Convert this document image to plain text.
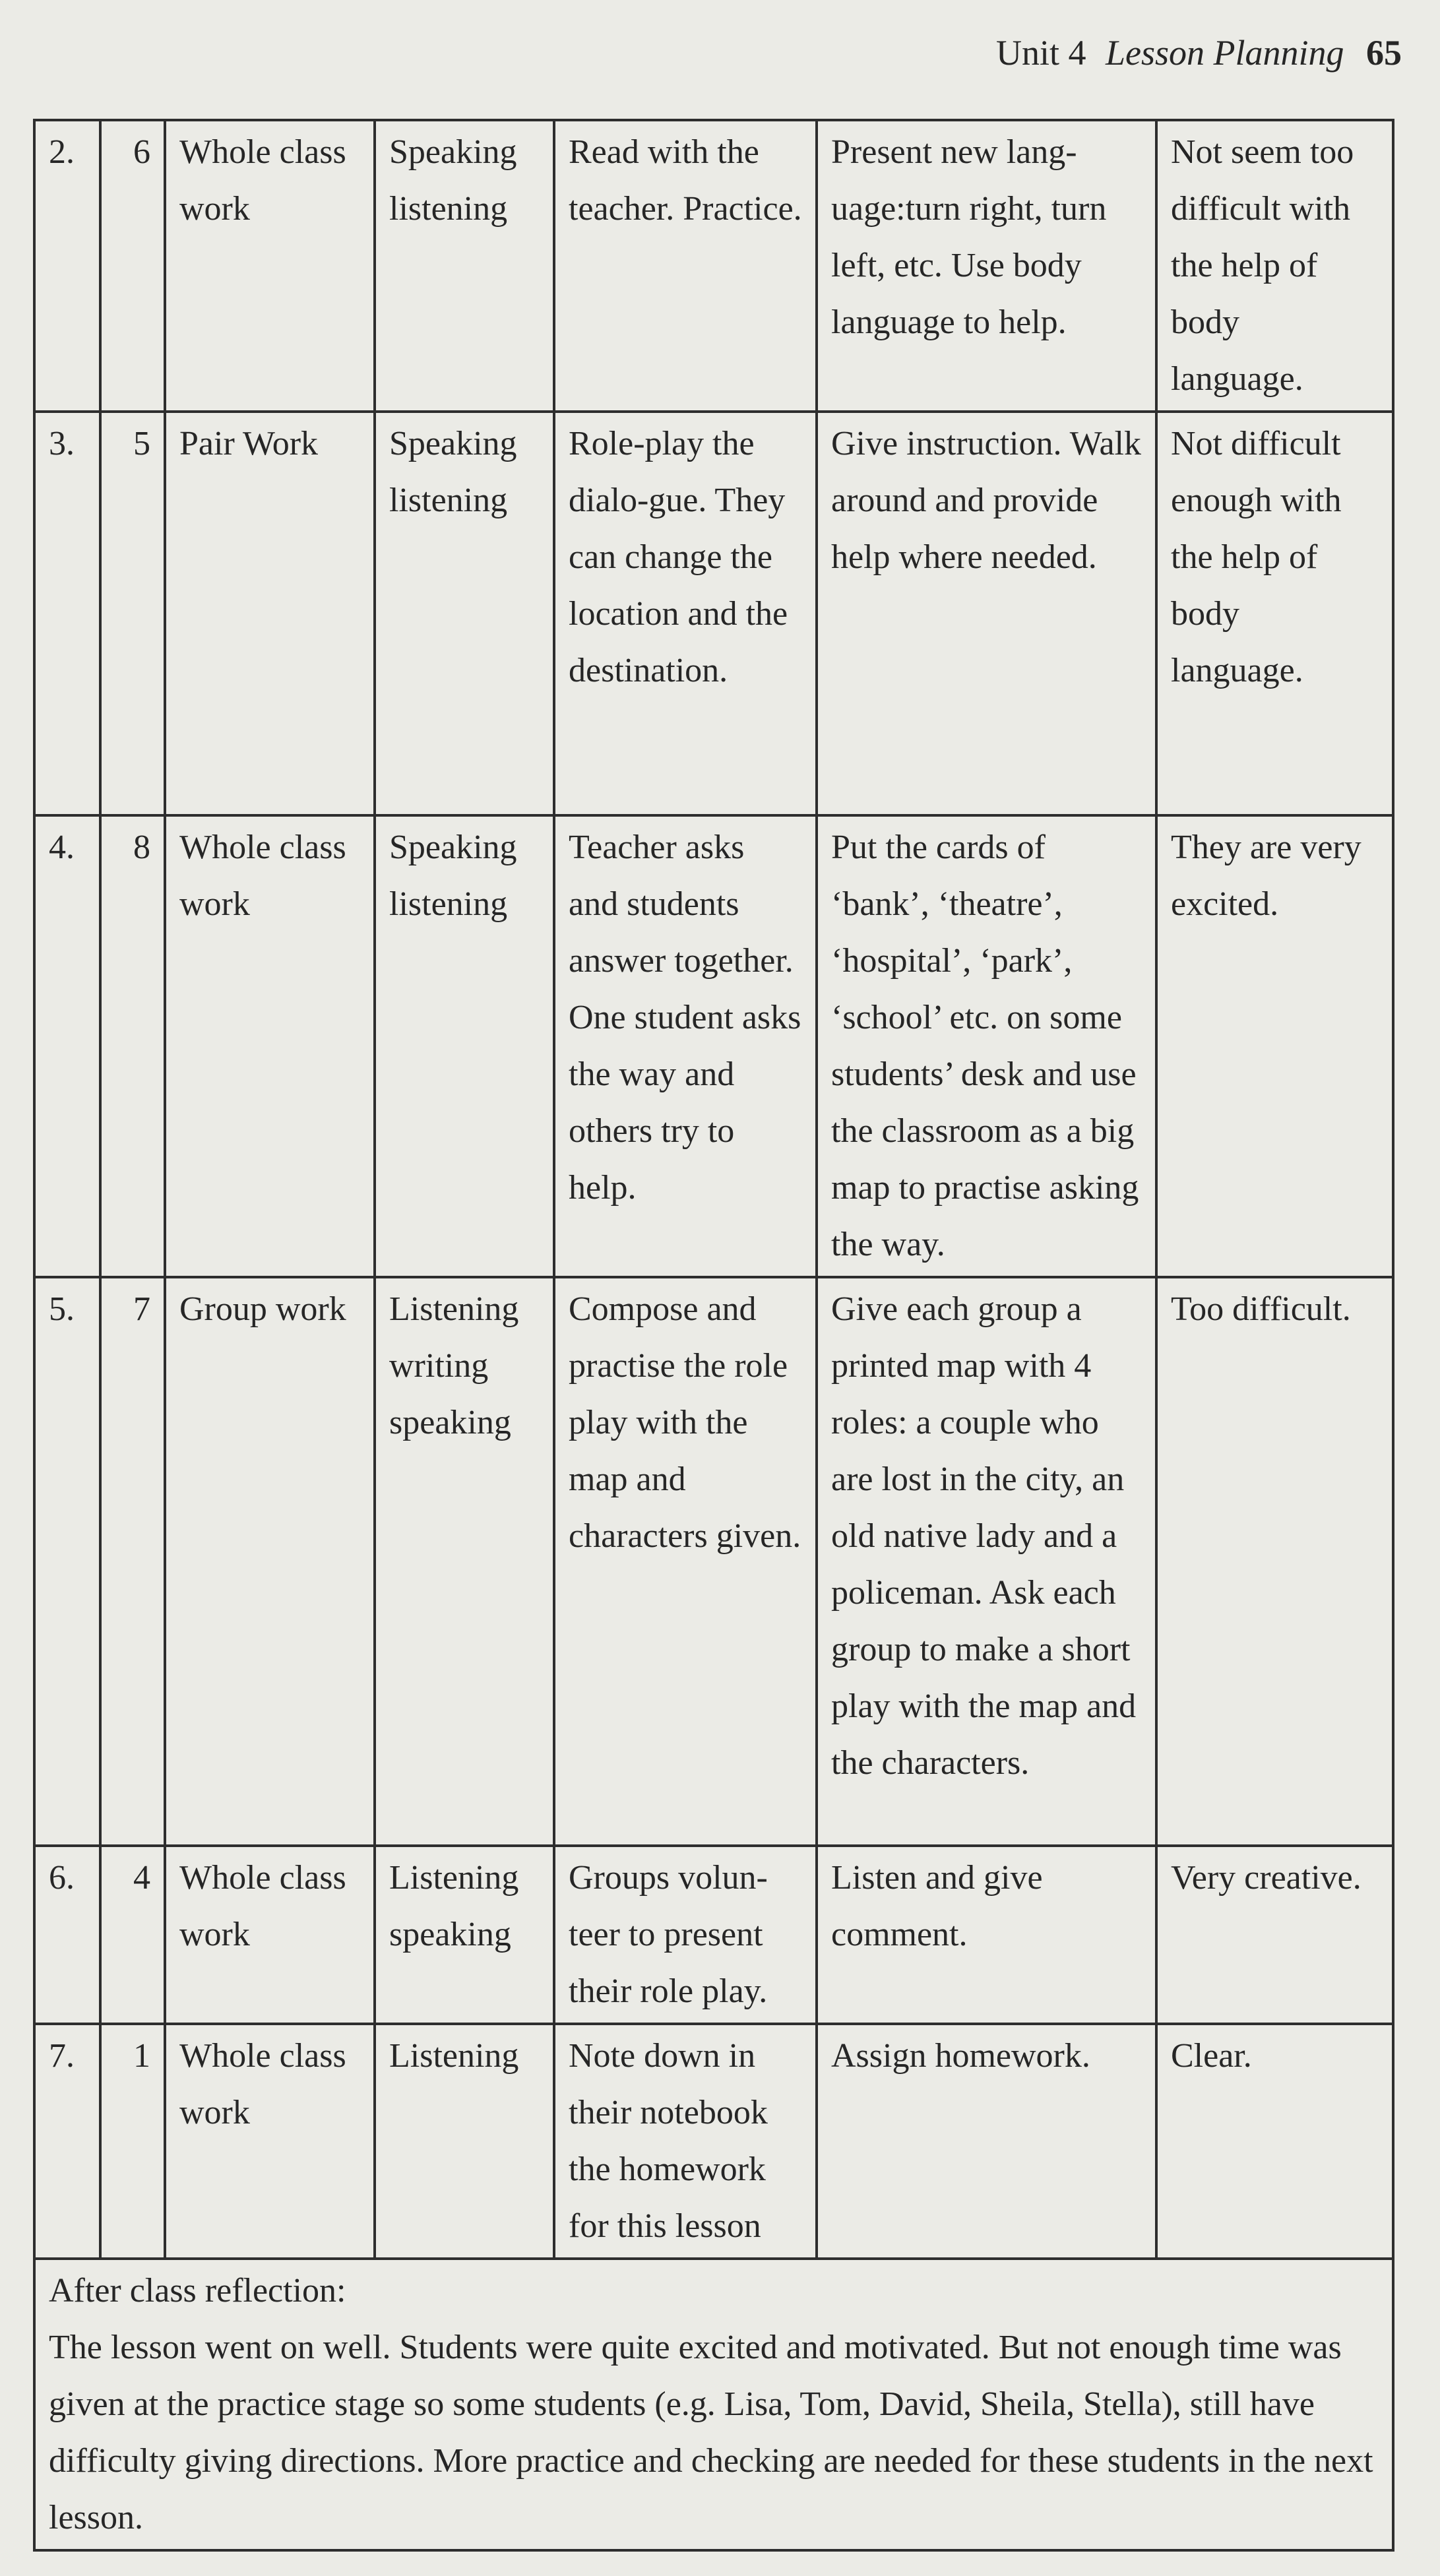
Unit 4 Lesson Planning 65
2.	6	Whole class work	Speaking listening	Read with the teacher. Practice.	Present new lang-uage:turn right, turn left, etc. Use body language to help.	Not seem too difficult with the help of body language.
3.	5	Pair Work	Speaking listening	Role-play the dialo-gue. They can change the location and the destination.	Give instruction. Walk around and provide help where needed.	Not difficult enough with the help of body language.
4.	8	Whole class work	Speaking listening	Teacher asks and students answer together. One student asks the way and others try to help.	Put the cards of ‘bank’, ‘theatre’, ‘hospital’, ‘park’, ‘school’ etc. on some students’ desk and use the classroom as a big map to practise asking the way.	They are very excited.
5.	7	Group work	Listening writing speaking	Compose and practise the role play with the map and characters given.	Give each group a printed map with 4 roles: a couple who are lost in the city, an old native lady and a policeman. Ask each group to make a short play with the map and the characters.	Too difficult.
6.	4	Whole class work	Listening speaking	Groups volun-teer to present their role play.	Listen and give comment.	Very creative.
7.	1	Whole class work	Listening	Note down in their notebook the homework for this lesson	Assign homework.	Clear.

After class reflection:

The lesson went on well. Students were quite excited and motivated. But not enough time was given at the practice stage so some students (e.g. Lisa, Tom, David, Sheila, Stella), still have difficulty giving directions. More practice and checking are needed for these students in the next lesson.						
